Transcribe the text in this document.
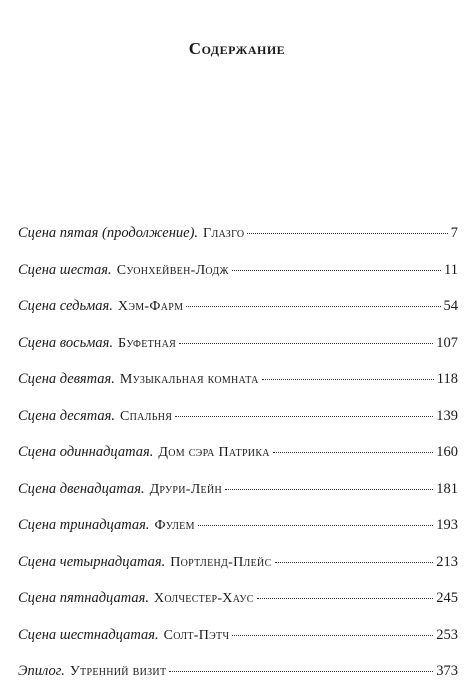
Содержание
Сцена пятая (продолжение). Глазго	7
Сцена шестая. Суонхейвен-Лодж	11
Сцена седьмая. Хэм-Фарм	54
Сцена восьмая. Буфетная	107
Сцена девятая. Музыкальная комната	118
Сцена десятая. Спальня	139
Сцена одиннадцатая. Дом сэра Патрика	160
Сцена двенадцатая. Друри-Лейн	181
Сцена тринадцатая. Фулем	193
Сцена четырнадцатая. Портленд-Плейс	213
Сцена пятнадцатая. Холчестер-Хаус	245
Сцена шестнадцатая. Солт-Пэтч	253
Эпилог. Утренний визит	373
